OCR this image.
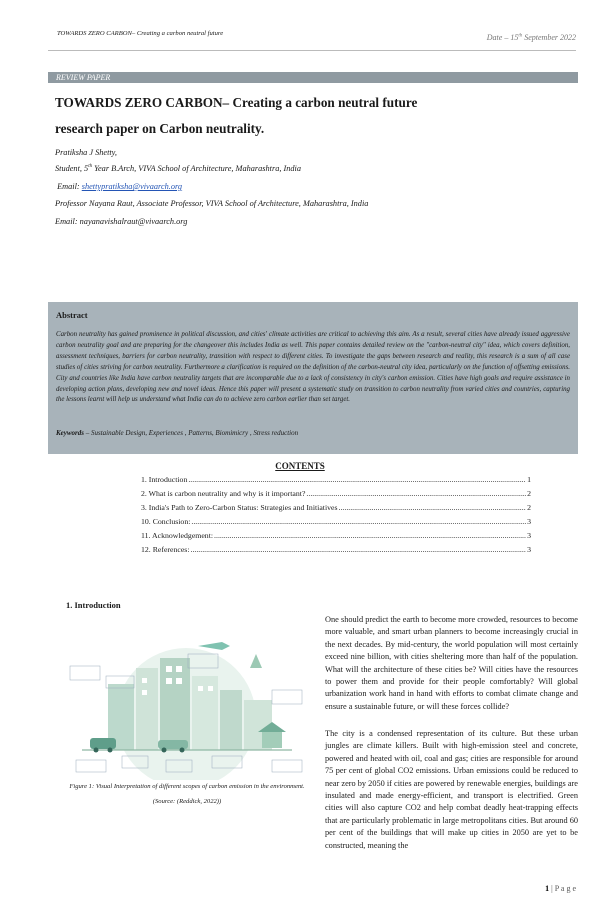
TOWARDS ZERO CARBON– Creating a carbon neutral future	Date – 15th September 2022
REVIEW PAPER
TOWARDS ZERO CARBON– Creating a carbon neutral future
research paper on Carbon neutrality.
Pratiksha J Shetty,
Student, 5th Year B.Arch, VIVA School of Architecture, Maharashtra, India
Email: shettypratiksha@vivaarch.org
Professor Nayana Raut, Associate Professor, VIVA School of Architecture, Maharashtra, India
Email: nayanavishalraut@vivaarch.org
Abstract
Carbon neutrality has gained prominence in political discussion, and cities' climate activities are critical to achieving this aim. As a result, several cities have already issued aggressive carbon neutrality goal and are preparing for the changeover this includes India as well. This paper contains detailed review on the "carbon-neutral city" idea, which covers definition, assessment techniques, barriers for carbon neutrality, transition with respect to different cities. To investigate the gaps between research and reality, this research is a sum of all case studies of cities striving for carbon neutrality. Furthermore a clarification is required on the definition of the carbon-neutral city idea, particularly on the function of offsetting emissions. City and countries like India have carbon neutrality targets that are incomparable due to a lack of consistency in city's carbon emission. Cities have high goals and require assistance in developing action plans, developing new and novel ideas. Hence this paper will present a systematic study on transition to carbon neutrality from varied cities and countries, capturing the lessons learnt will help us understand what India can do to achieve zero carbon earlier than set target.
Keywords – Sustainable Design, Experiences , Patterns, Biomimicry , Stress reduction
CONTENTS
1. Introduction .....	1
2. What is carbon neutrality and why is it important? .....	2
3. India's Path to Zero-Carbon Status: Strategies and Initiatives .....	2
10. Conclusion: .....	3
11. Acknowledgement: .....	3
12. References: .....	3
1. Introduction
Figure 1: Visual Interpretation of different scopes of carbon emission in the environment.
(Source: (Reddick, 2022))
One should predict the earth to become more crowded, resources to become more valuable, and smart urban planners to become increasingly crucial in the next decades. By mid-century, the world population will most certainly exceed nine billion, with cities sheltering more than half of the population. What will the architecture of these cities be? Will cities have the resources to power them and provide for their people comfortably? Will global urbanization work hand in hand with efforts to combat climate change and ensure a sustainable future, or will these forces collide?
The city is a condensed representation of its culture. But these urban jungles are climate killers. Built with high-emission steel and concrete, powered and heated with oil, coal and gas; cities are responsible for around 75 per cent of global CO2 emissions. Urban emissions could be reduced to near zero by 2050 if cities are powered by renewable energies, buildings are insulated and made energy-efficient, and transport is electrified. Green cities will also capture CO2 and help combat deadly heat-trapping effects that are particularly problematic in large metropolitans cities. But around 60 per cent of the buildings that will make up cities in 2050 are yet to be constructed, meaning the
1 | P a g e
